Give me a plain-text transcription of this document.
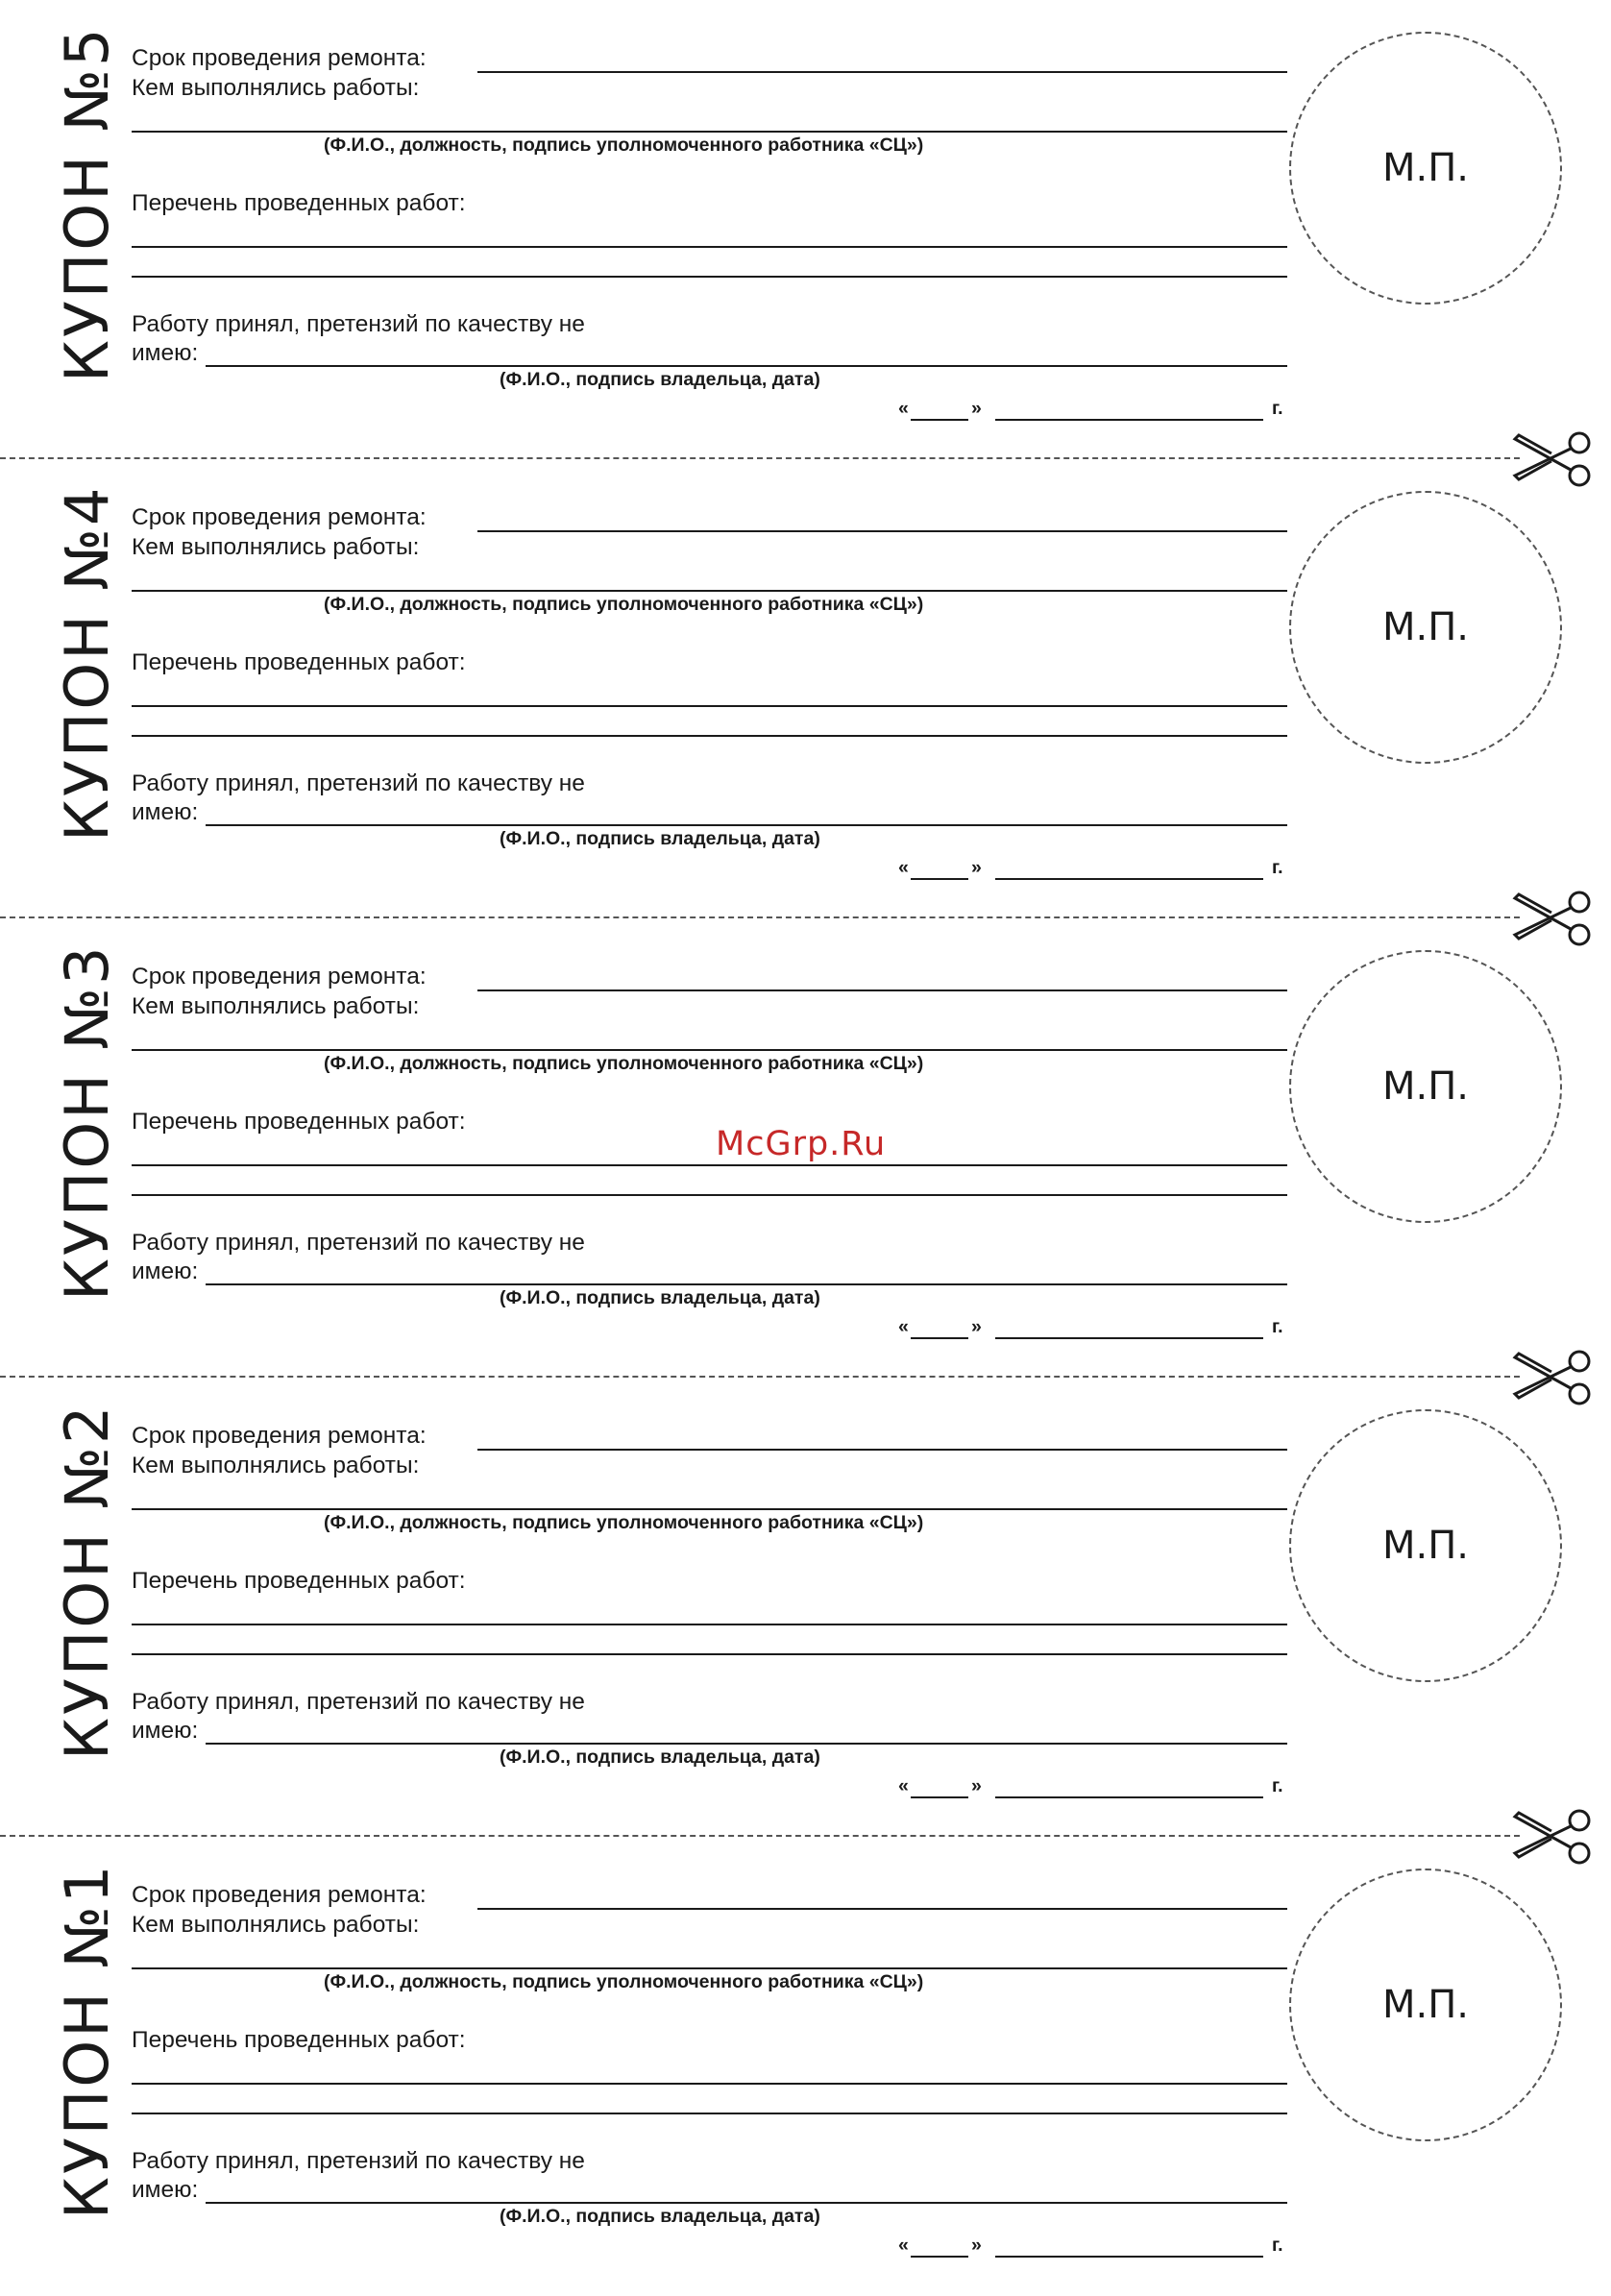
КУПОН №5 Срок проведения ремонта:
Кем выполнялись работы:
(Ф.И.О., должность, подпись уполномоченного работника «СЦ»)
Перечень проведенных работ:
Работу принял, претензий по качеству не
имею:
(Ф.И.О., подпись владельца, дата)
«	»	г.
М.П.
КУПОН №4 Срок проведения ремонта:
Кем выполнялись работы:
(Ф.И.О., должность, подпись уполномоченного работника «СЦ»)
Перечень проведенных работ:
Работу принял, претензий по качеству не
имею:
(Ф.И.О., подпись владельца, дата)
«	»	г.
М.П.
КУПОН №3 Срок проведения ремонта:
Кем выполнялись работы:
(Ф.И.О., должность, подпись уполномоченного работника «СЦ»)
Перечень проведенных работ:
Работу принял, претензий по качеству не
имею:
(Ф.И.О., подпись владельца, дата)
«	»	г.
М.П.
КУПОН №2 Срок проведения ремонта:
Кем выполнялись работы:
(Ф.И.О., должность, подпись уполномоченного работника «СЦ»)
Перечень проведенных работ:
Работу принял, претензий по качеству не
имею:
(Ф.И.О., подпись владельца, дата)
«	»	г.
М.П.
КУПОН №1 Срок проведения ремонта:
Кем выполнялись работы:
(Ф.И.О., должность, подпись уполномоченного работника «СЦ»)
Перечень проведенных работ:
Работу принял, претензий по качеству не
имею:
(Ф.И.О., подпись владельца, дата)
«	»	г.
М.П.
McGrp.Ru
